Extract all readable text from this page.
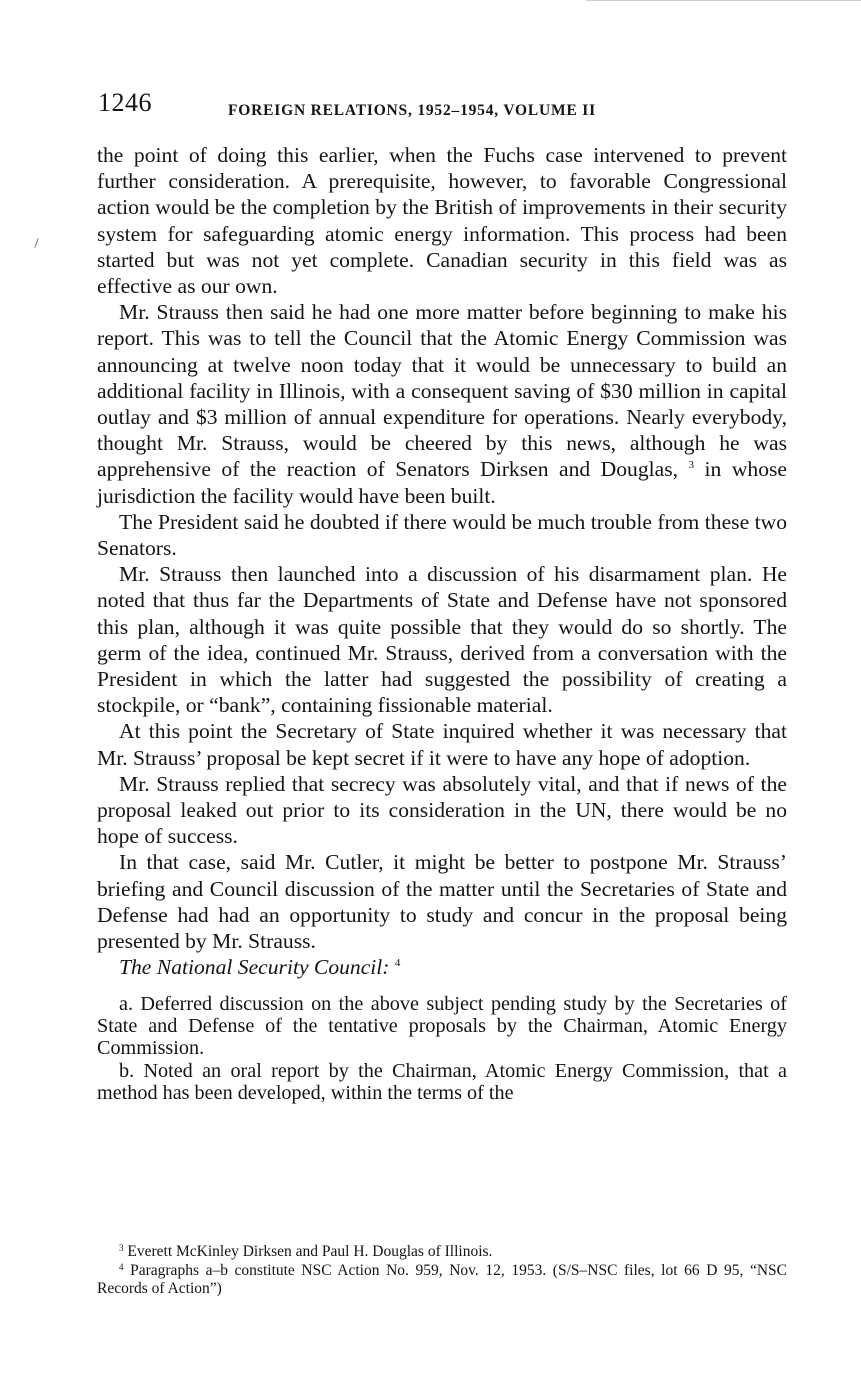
1246	FOREIGN RELATIONS, 1952–1954, VOLUME II

the point of doing this earlier, when the Fuchs case intervened to prevent further consideration. A prerequisite, however, to favorable Congressional action would be the completion by the British of improvements in their security system for safeguarding atomic energy information. This process had been started but was not yet complete. Canadian security in this field was as effective as our own.

Mr. Strauss then said he had one more matter before beginning to make his report. This was to tell the Council that the Atomic Energy Commission was announcing at twelve noon today that it would be unnecessary to build an additional facility in Illinois, with a consequent saving of $30 million in capital outlay and $3 million of annual expenditure for operations. Nearly everybody, thought Mr. Strauss, would be cheered by this news, although he was apprehensive of the reaction of Senators Dirksen and Douglas, $^3$ in whose jurisdiction the facility would have been built.

The President said he doubted if there would be much trouble from these two Senators.

Mr. Strauss then launched into a discussion of his disarmament plan. He noted that thus far the Departments of State and Defense have not sponsored this plan, although it was quite possible that they would do so shortly. The germ of the idea, continued Mr. Strauss, derived from a conversation with the President in which the latter had suggested the possibility of creating a stockpile, or “bank”, containing fissionable material.

At this point the Secretary of State inquired whether it was necessary that Mr. Strauss’ proposal be kept secret if it were to have any hope of adoption.

Mr. Strauss replied that secrecy was absolutely vital, and that if news of the proposal leaked out prior to its consideration in the UN, there would be no hope of success.

In that case, said Mr. Cutler, it might be better to postpone Mr. Strauss’ briefing and Council discussion of the matter until the Secretaries of State and Defense had had an opportunity to study and concur in the proposal being presented by Mr. Strauss.

The National Security Council: $^4$

a. Deferred discussion on the above subject pending study by the Secretaries of State and Defense of the tentative proposals by the Chairman, Atomic Energy Commission.

b. Noted an oral report by the Chairman, Atomic Energy Commission, that a method has been developed, within the terms of the

$^3$ Everett McKinley Dirksen and Paul H. Douglas of Illinois.

$^4$ Paragraphs a–b constitute NSC Action No. 959, Nov. 12, 1953. (S/S–NSC files, lot 66 D 95, “NSC Records of Action”)
